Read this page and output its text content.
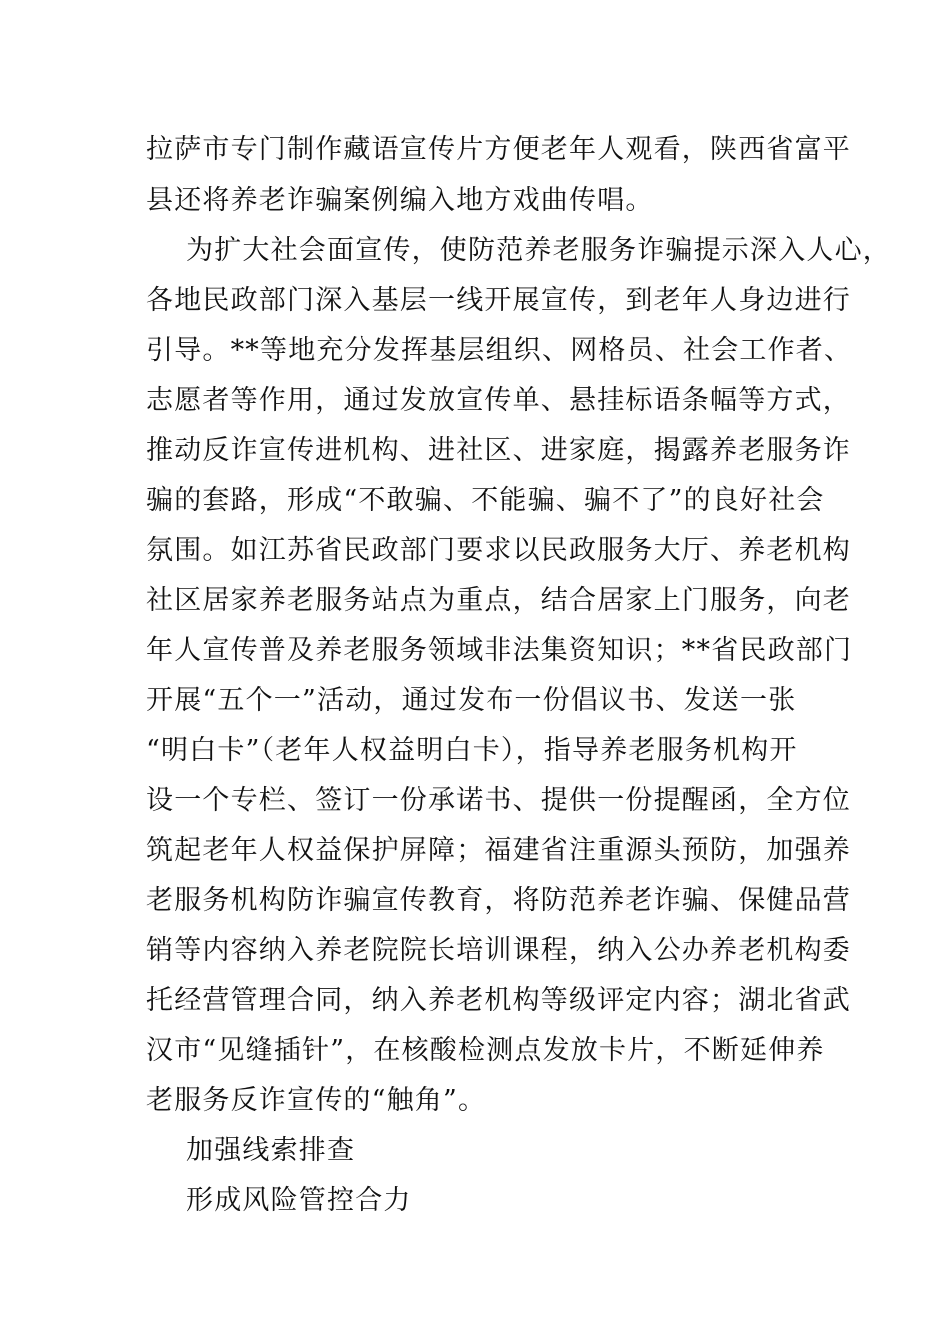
拉萨市专门制作藏语宣传片方便老年人观看，陕西省富平
县还将养老诈骗案例编入地方戏曲传唱。
为扩大社会面宣传，使防范养老服务诈骗提示深入人心，
各地民政部门深入基层一线开展宣传，到老年人身边进行
引导。**等地充分发挥基层组织、网格员、社会工作者、
志愿者等作用，通过发放宣传单、悬挂标语条幅等方式，
推动反诈宣传进机构、进社区、进家庭，揭露养老服务诈
骗的套路，形成“不敢骗、不能骗、骗不了”的良好社会
氛围。如江苏省民政部门要求以民政服务大厅、养老机构
社区居家养老服务站点为重点，结合居家上门服务，向老
年人宣传普及养老服务领域非法集资知识；**省民政部门
开展“五个一”活动，通过发布一份倡议书、发送一张
“明白卡”（老年人权益明白卡），指导养老服务机构开
设一个专栏、签订一份承诺书、提供一份提醒函，全方位
筑起老年人权益保护屏障；福建省注重源头预防，加强养
老服务机构防诈骗宣传教育，将防范养老诈骗、保健品营
销等内容纳入养老院院长培训课程，纳入公办养老机构委
托经营管理合同，纳入养老机构等级评定内容；湖北省武
汉市“见缝插针”，在核酸检测点发放卡片，不断延伸养
老服务反诈宣传的“触角”。
加强线索排查
形成风险管控合力
